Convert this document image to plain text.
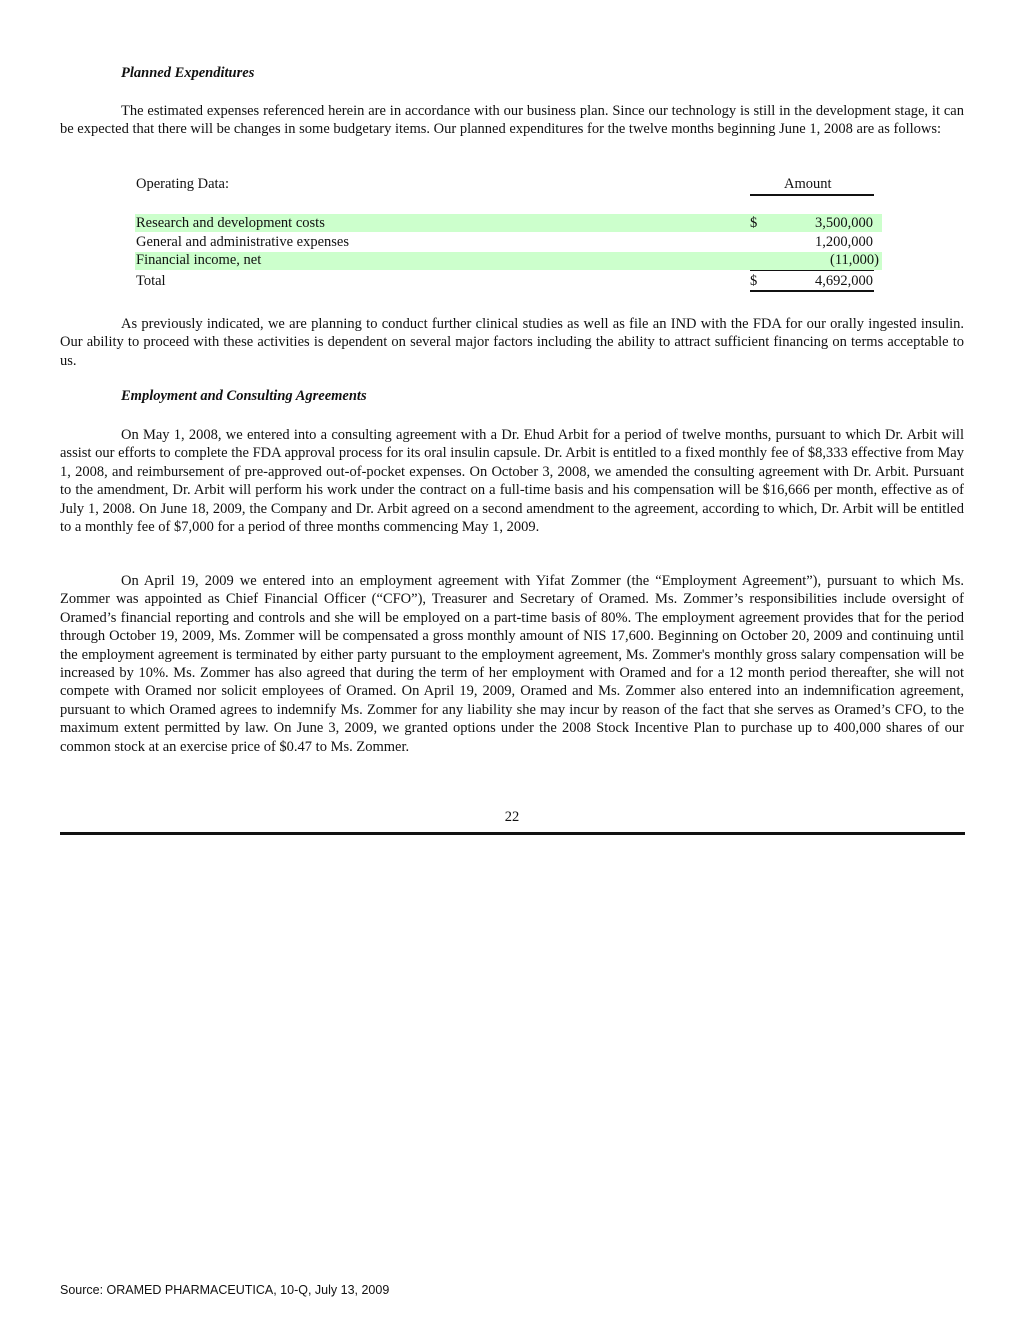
Planned Expenditures

The estimated expenses referenced herein are in accordance with our business plan. Since our technology is still in the development stage, it can be expected that there will be changes in some budgetary items. Our planned expenditures for the twelve months beginning June 1, 2008 are as follows:

Operating Data:	Amount
Research and development costs	$	3,500,000
General and administrative expenses	1,200,000
Financial income, net	(11,000)
Total	$	4,692,000

As previously indicated, we are planning to conduct further clinical studies as well as file an IND with the FDA for our orally ingested insulin. Our ability to proceed with these activities is dependent on several major factors including the ability to attract sufficient financing on terms acceptable to us.

Employment and Consulting Agreements

On May 1, 2008, we entered into a consulting agreement with a Dr. Ehud Arbit for a period of twelve months, pursuant to which Dr. Arbit will assist our efforts to complete the FDA approval process for its oral insulin capsule. Dr. Arbit is entitled to a fixed monthly fee of $8,333 effective from May 1, 2008, and reimbursement of pre-approved out-of-pocket expenses. On October 3, 2008, we amended the consulting agreement with Dr. Arbit. Pursuant to the amendment, Dr. Arbit will perform his work under the contract on a full-time basis and his compensation will be $16,666 per month, effective as of July 1, 2008. On June 18, 2009, the Company and Dr. Arbit agreed on a second amendment to the agreement, according to which, Dr. Arbit will be entitled to a monthly fee of $7,000 for a period of three months commencing May 1, 2009.

On April 19, 2009 we entered into an employment agreement with Yifat Zommer (the “Employment Agreement”), pursuant to which Ms. Zommer was appointed as Chief Financial Officer (“CFO”), Treasurer and Secretary of Oramed. Ms. Zommer’s responsibilities include oversight of Oramed’s financial reporting and controls and she will be employed on a part-time basis of 80%. The employment agreement provides that for the period through October 19, 2009, Ms. Zommer will be compensated a gross monthly amount of NIS 17,600. Beginning on October 20, 2009 and continuing until the employment agreement is terminated by either party pursuant to the employment agreement, Ms. Zommer's monthly gross salary compensation will be increased by 10%. Ms. Zommer has also agreed that during the term of her employment with Oramed and for a 12 month period thereafter, she will not compete with Oramed nor solicit employees of Oramed. On April 19, 2009, Oramed and Ms. Zommer also entered into an indemnification agreement, pursuant to which Oramed agrees to indemnify Ms. Zommer for any liability she may incur by reason of the fact that she serves as Oramed’s CFO, to the maximum extent permitted by law. On June 3, 2009, we granted options under the 2008 Stock Incentive Plan to purchase up to 400,000 shares of our common stock at an exercise price of $0.47 to Ms. Zommer.

22
Source: ORAMED PHARMACEUTICA, 10-Q, July 13, 2009
